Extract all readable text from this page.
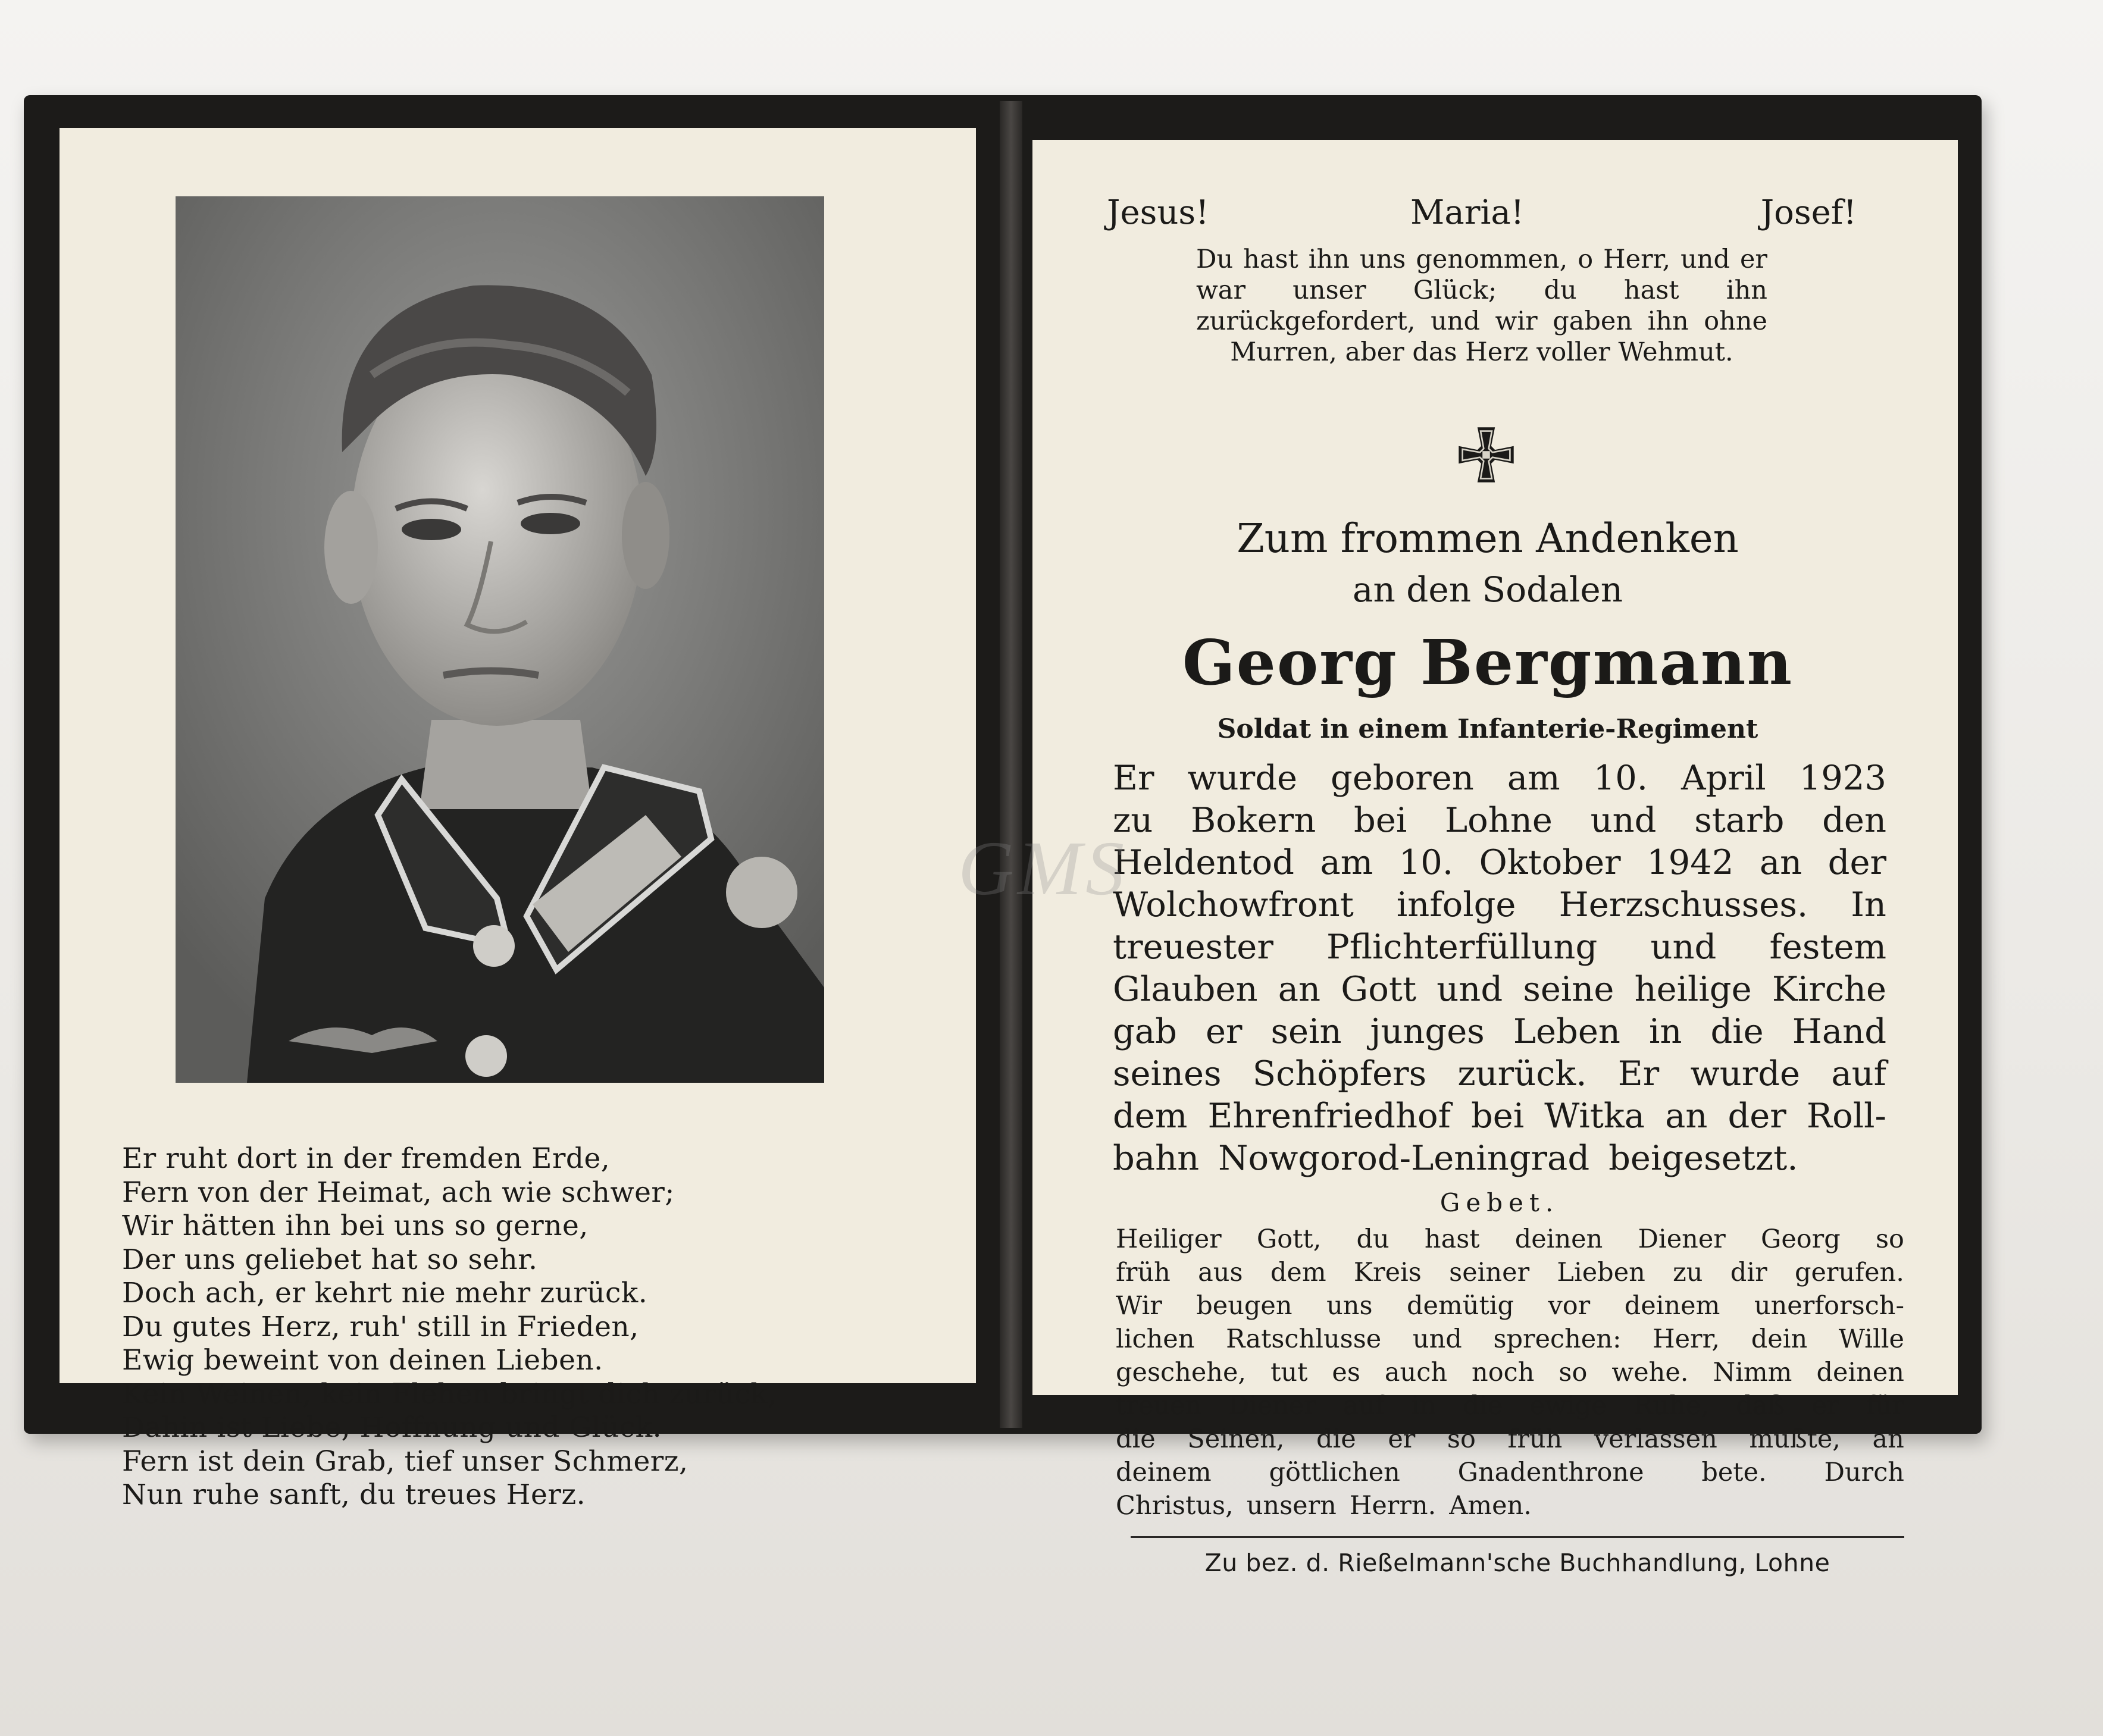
Er ruht dort in der fremden Erde,
Fern von der Heimat, ach wie schwer;
Wir hätten ihn bei uns so gerne,
Der uns geliebet hat so sehr.
Doch ach, er kehrt nie mehr zurück.
Du gutes Herz, ruh' still in Frieden,
Ewig beweint von deinen Lieben.
Kein Weinen, kein Flehen bringt dich zurück,
Dahin ist Liebe, Hoffnung und Glück.
Fern ist dein Grab, tief unser Schmerz,
Nun ruhe sanft, du treues Herz.
Jesus!	Maria!	Josef!
Du hast ihn uns genommen, o Herr, und er war unser Glück; du hast ihn zurückgefordert, und wir gaben ihn ohne Murren, aber das Herz voller Wehmut.
Zum frommen Andenken
an den Sodalen
Georg Bergmann
Soldat in einem Infanterie-Regiment
Er wurde geboren am 10. April 1923
zu Bokern bei Lohne und starb den
Heldentod am 10. Oktober 1942 an der
Wolchowfront infolge Herzschusses. In
treuester Pflichterfüllung und festem
Glauben an Gott und seine heilige Kirche
gab er sein junges Leben in die Hand
seines Schöpfers zurück. Er wurde auf
dem Ehrenfriedhof bei Witka an der Roll-
bahn Nowgorod-Leningrad beigesetzt.
Gebet.
Heiliger Gott, du hast deinen Diener Georg so
früh aus dem Kreis seiner Lieben zu dir gerufen.
Wir beugen uns demütig vor deinem unerforsch-
lichen Ratschlusse und sprechen: Herr, dein Wille
geschehe, tut es auch noch so wehe. Nimm deinen
treuen Diener auf in die ewige Ruhe, daß er für
die Seinen, die er so früh verlassen mußte, an
deinem göttlichen Gnadenthrone bete. Durch
Christus, unsern Herrn. Amen.
Zu bez. d. Rießelmann'sche Buchhandlung, Lohne
GMS
